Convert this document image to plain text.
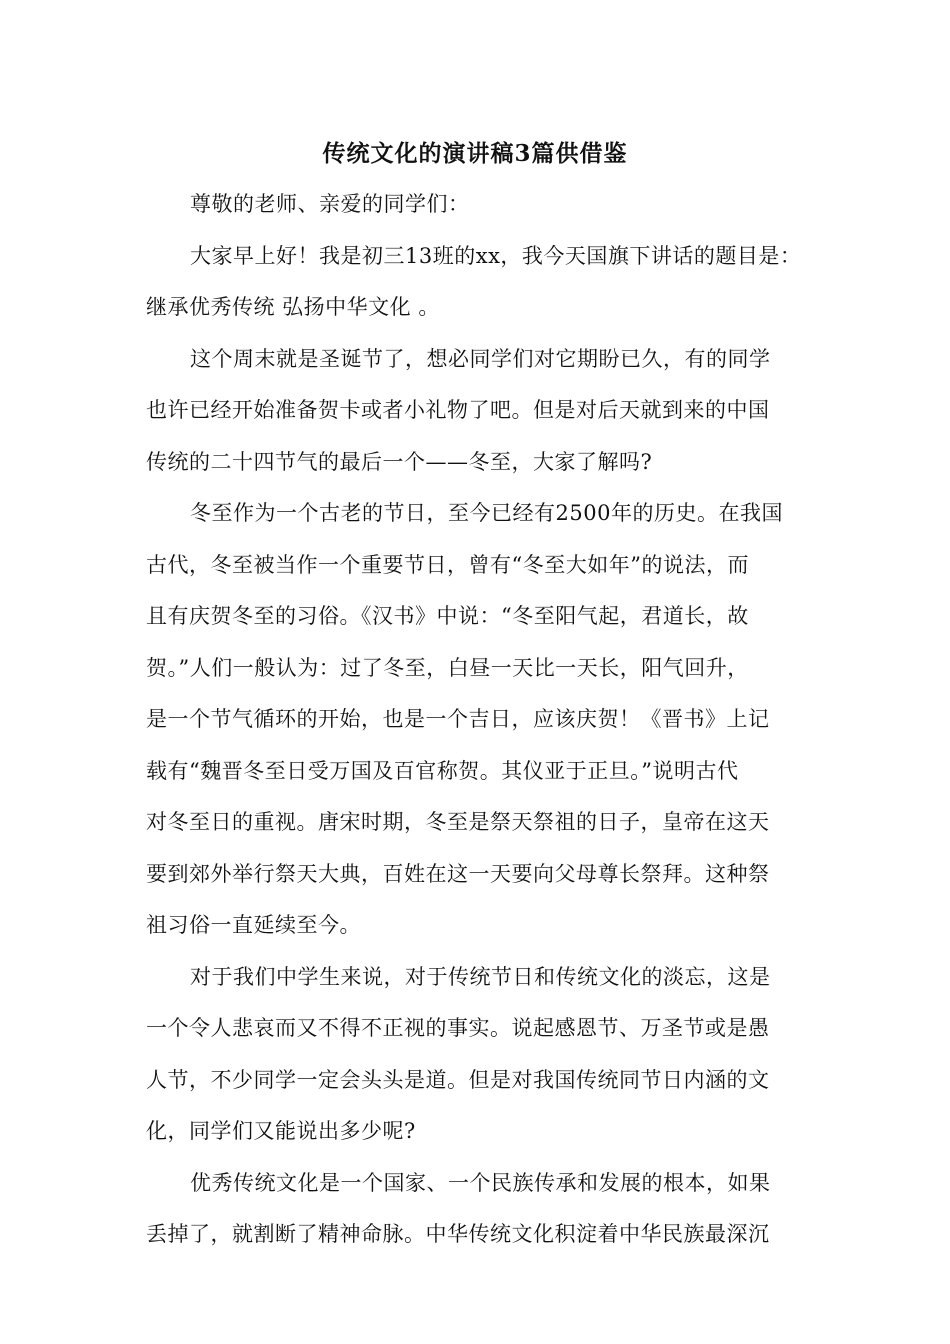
传统文化的演讲稿3篇供借鉴

尊敬的老师、亲爱的同学们：

大家早上好！我是初三13班的xx，我今天国旗下讲话的题目是：
继承优秀传统 弘扬中华文化 。

这个周末就是圣诞节了，想必同学们对它期盼已久，有的同学
也许已经开始准备贺卡或者小礼物了吧。但是对后天就到来的中国
传统的二十四节气的最后一个——冬至，大家了解吗?

冬至作为一个古老的节日，至今已经有2500年的历史。在我国
古代，冬至被当作一个重要节日，曾有“冬至大如年”的说法，而
且有庆贺冬至的习俗。《汉书》中说：“冬至阳气起，君道长，故
贺。”人们一般认为：过了冬至，白昼一天比一天长，阳气回升，
是一个节气循环的开始，也是一个吉日，应该庆贺！《晋书》上记
载有“魏晋冬至日受万国及百官称贺。其仪亚于正旦。”说明古代
对冬至日的重视。唐宋时期，冬至是祭天祭祖的日子，皇帝在这天
要到郊外举行祭天大典，百姓在这一天要向父母尊长祭拜。这种祭
祖习俗一直延续至今。

对于我们中学生来说，对于传统节日和传统文化的淡忘，这是
一个令人悲哀而又不得不正视的事实。说起感恩节、万圣节或是愚
人节，不少同学一定会头头是道。但是对我国传统同节日内涵的文
化，同学们又能说出多少呢?

优秀传统文化是一个国家、一个民族传承和发展的根本，如果
丢掉了，就割断了精神命脉。中华传统文化积淀着中华民族最深沉
